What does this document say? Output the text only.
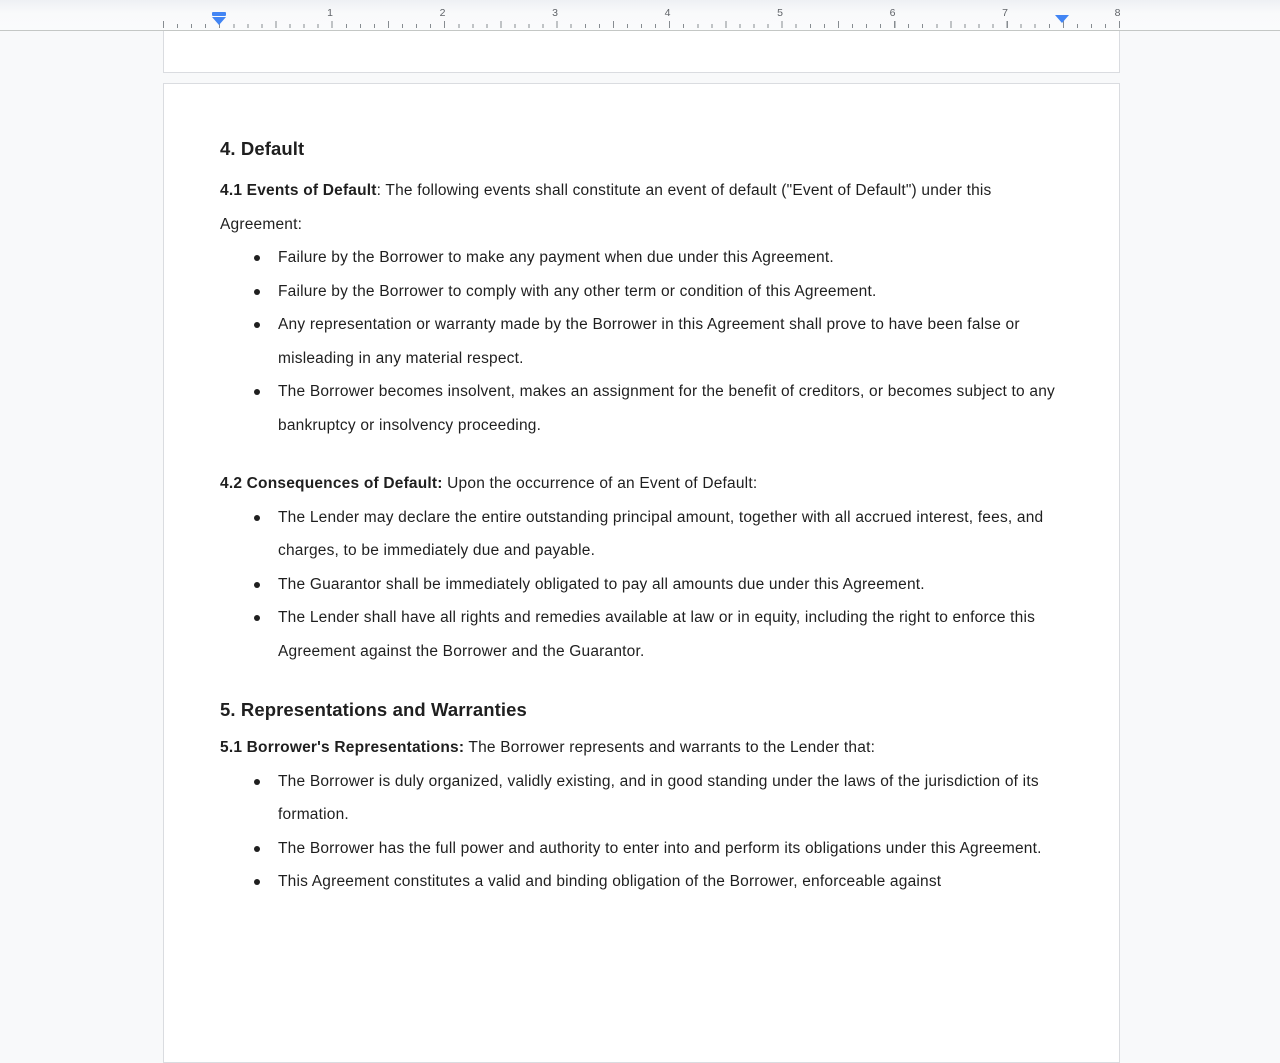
1	2	3	4	5	6	7	8
4. Default

4.1 Events of Default: The following events shall constitute an event of default ("Event of Default") under this Agreement:

Failure by the Borrower to make any payment when due under this Agreement.
Failure by the Borrower to comply with any other term or condition of this Agreement.
Any representation or warranty made by the Borrower in this Agreement shall prove to have been false or misleading in any material respect.
The Borrower becomes insolvent, makes an assignment for the benefit of creditors, or becomes subject to any bankruptcy or insolvency proceeding.

4.2 Consequences of Default: Upon the occurrence of an Event of Default:

The Lender may declare the entire outstanding principal amount, together with all accrued interest, fees, and charges, to be immediately due and payable.
The Guarantor shall be immediately obligated to pay all amounts due under this Agreement.
The Lender shall have all rights and remedies available at law or in equity, including the right to enforce this Agreement against the Borrower and the Guarantor.
5. Representations and Warranties

5.1 Borrower's Representations: The Borrower represents and warrants to the Lender that:

The Borrower is duly organized, validly existing, and in good standing under the laws of the jurisdiction of its formation.
The Borrower has the full power and authority to enter into and perform its obligations under this Agreement.
This Agreement constitutes a valid and binding obligation of the Borrower, enforceable against
